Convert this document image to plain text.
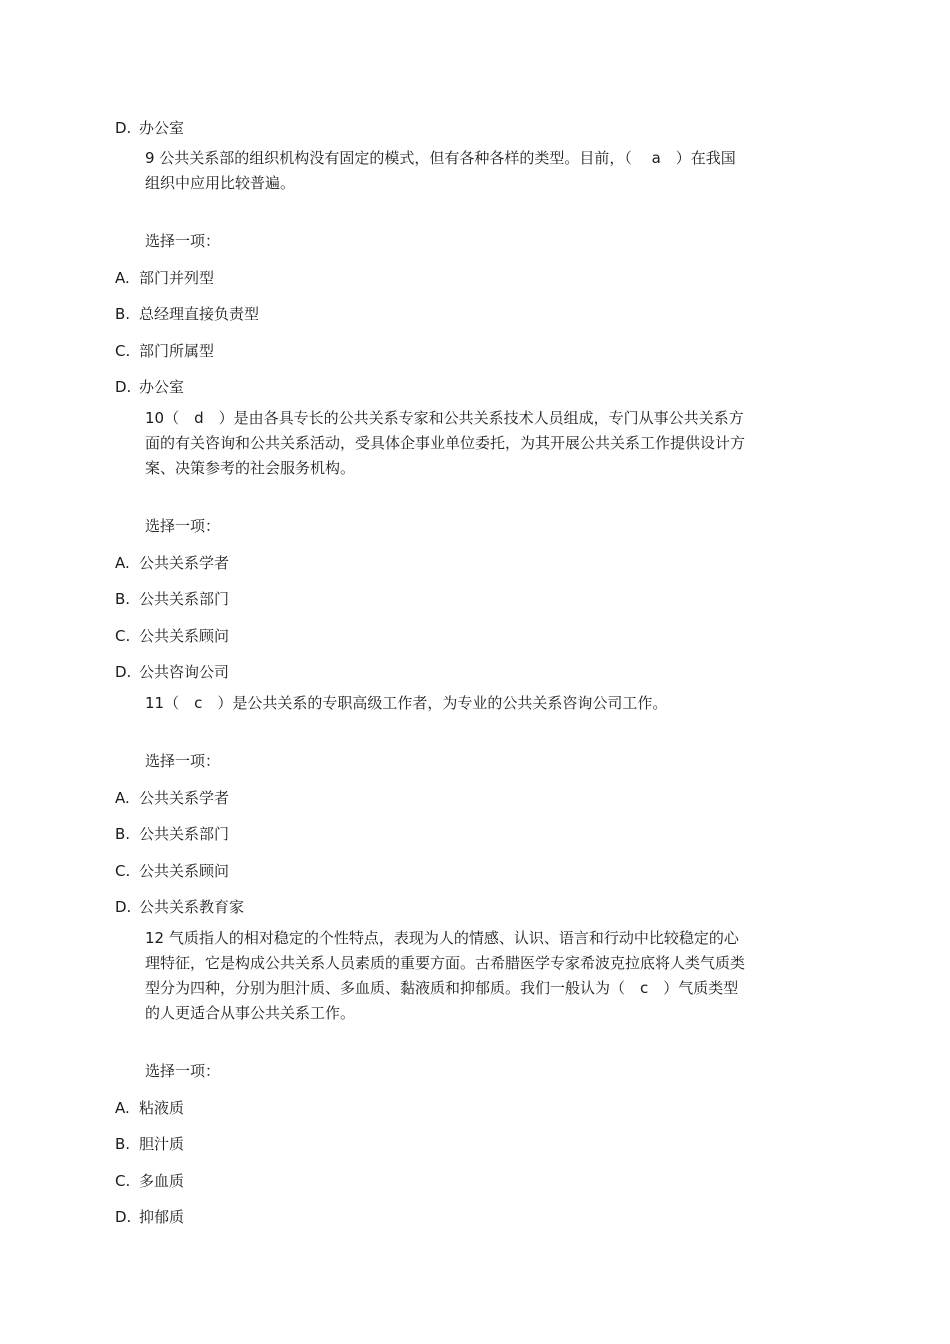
D. 办公室
9 公共关系部的组织机构没有固定的模式，但有各种各样的类型。目前，（　 a　）在我国
组织中应用比较普遍。
选择一项：
A. 部门并列型
B. 总经理直接负责型
C. 部门所属型
D. 办公室
10（　d　）是由各具专长的公共关系专家和公共关系技术人员组成，专门从事公共关系方
面的有关咨询和公共关系活动，受具体企事业单位委托，为其开展公共关系工作提供设计方
案、决策参考的社会服务机构。
选择一项：
A. 公共关系学者
B. 公共关系部门
C. 公共关系顾问
D. 公共咨询公司
11（　c　）是公共关系的专职高级工作者，为专业的公共关系咨询公司工作。
选择一项：
A. 公共关系学者
B. 公共关系部门
C. 公共关系顾问
D. 公共关系教育家
12 气质指人的相对稳定的个性特点，表现为人的情感、认识、语言和行动中比较稳定的心
理特征，它是构成公共关系人员素质的重要方面。古希腊医学专家希波克拉底将人类气质类
型分为四种，分别为胆汁质、多血质、黏液质和抑郁质。我们一般认为（　c　）气质类型
的人更适合从事公共关系工作。
选择一项：
A. 粘液质
B. 胆汁质
C. 多血质
D. 抑郁质
